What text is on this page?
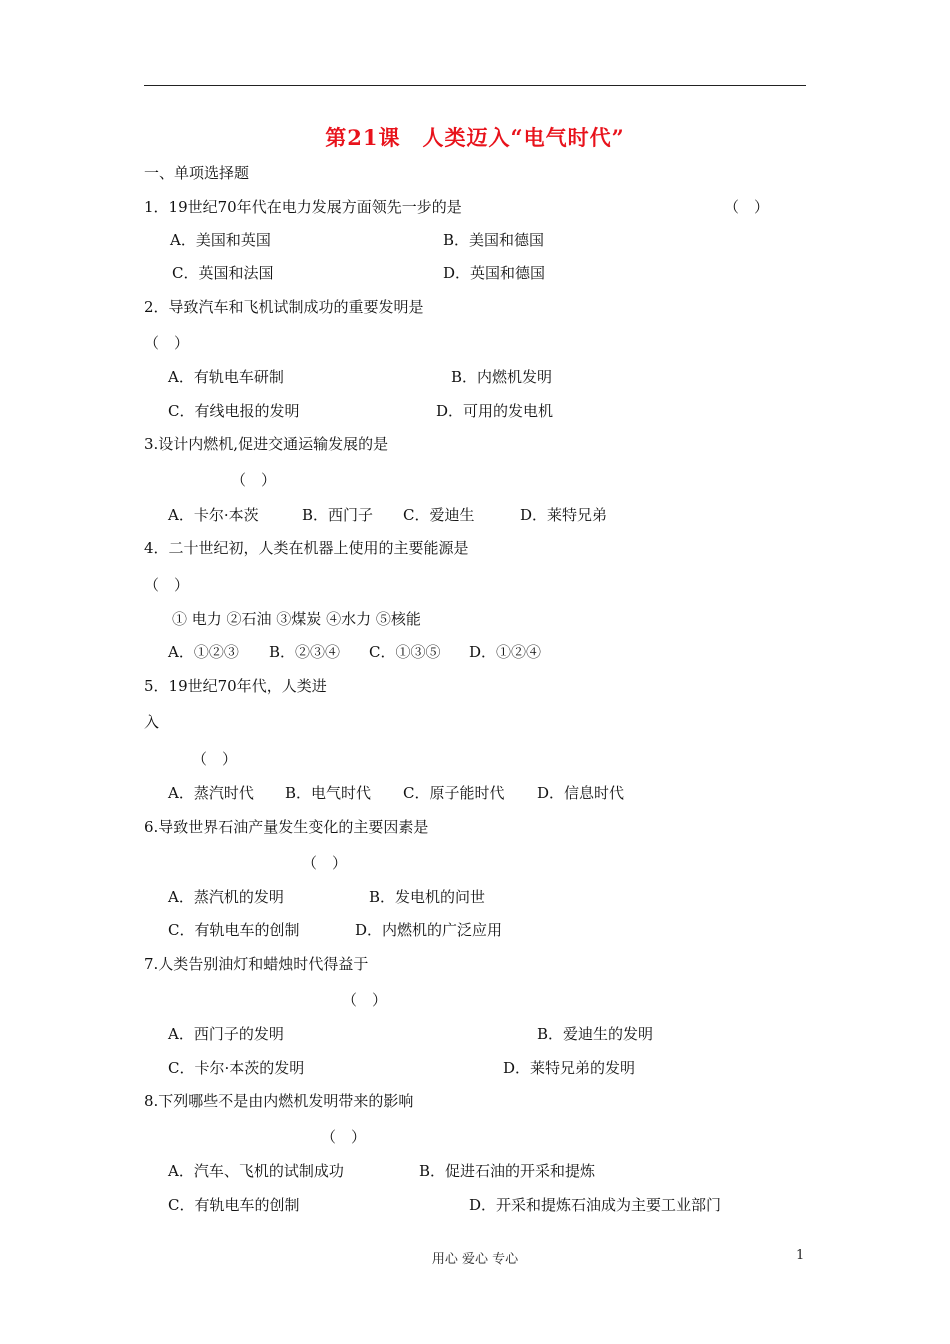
第21课　人类迈入“电气时代”
一、单项选择题
1．19世纪70年代在电力发展方面领先一步的是	（　）
A．美国和英国	B．美国和德国
C．英国和法国	D．英国和德国
2．导致汽车和飞机试制成功的重要发明是
（　）
A．有轨电车研制	B．内燃机发明
C．有线电报的发明	D．可用的发电机
3.设计内燃机,促进交通运输发展的是
（　）
A．卡尔·本茨	B．西门子 C．爱迪生	D．莱特兄弟
4．二十世纪初，人类在机器上使用的主要能源是
（　）
① 电力 ②石油 ③煤炭 ④水力 ⑤核能
A．①②③ B．②③④ C．①③⑤ D．①②④
5．19世纪70年代，人类进
入
（　）
A．蒸汽时代 B．电气时代 C．原子能时代 D．信息时代
6.导致世界石油产量发生变化的主要因素是
（　）
A．蒸汽机的发明	B．发电机的问世
C．有轨电车的创制	D．内燃机的广泛应用
7.人类告别油灯和蜡烛时代得益于
（　）
A．西门子的发明	B．爱迪生的发明
C．卡尔·本茨的发明	D．莱特兄弟的发明
8.下列哪些不是由内燃机发明带来的影响
（　）
A．汽车、飞机的试制成功	B．促进石油的开采和提炼
C．有轨电车的创制	D．开采和提炼石油成为主要工业部门
用心 爱心 专心	1
